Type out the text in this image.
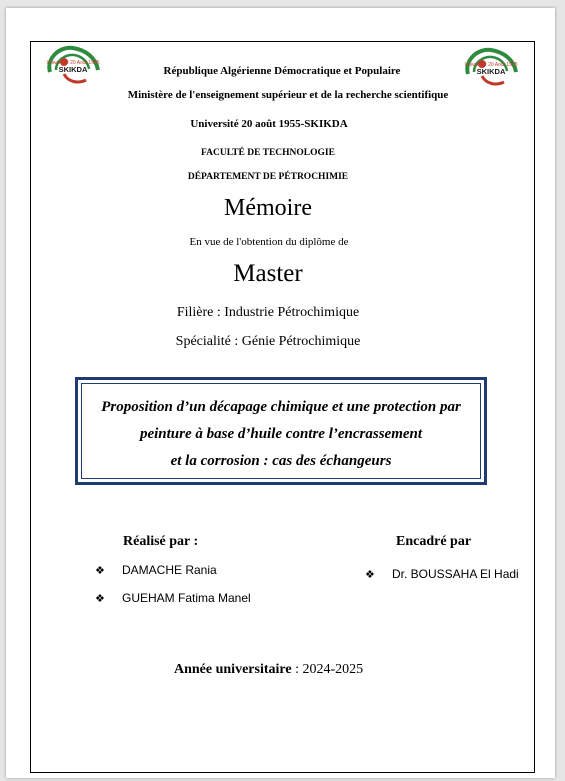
Université 20 Août 1955
SKIKDA	Université 20 Août 1955
SKIKDA
République Algérienne Démocratique et Populaire
Ministère de l'enseignement supérieur et de la recherche scientifique
Université 20 août 1955-SKIKDA
FACULTÉ DE TECHNOLOGIE
DÉPARTEMENT DE PÉTROCHIMIE
Mémoire
En vue de l'obtention du diplôme de
Master
Filière : Industrie Pétrochimique
Spécialité : Génie Pétrochimique
Proposition d’un décapage chimique et une protection par
peinture à base d’huile contre l’encrassement
et la corrosion : cas des échangeurs
Réalisé par :
❖ DAMACHE Rania
❖ GUEHAM Fatima Manel
Encadré par
❖ Dr. BOUSSAHA El Hadi
Année universitaire : 2024-2025
